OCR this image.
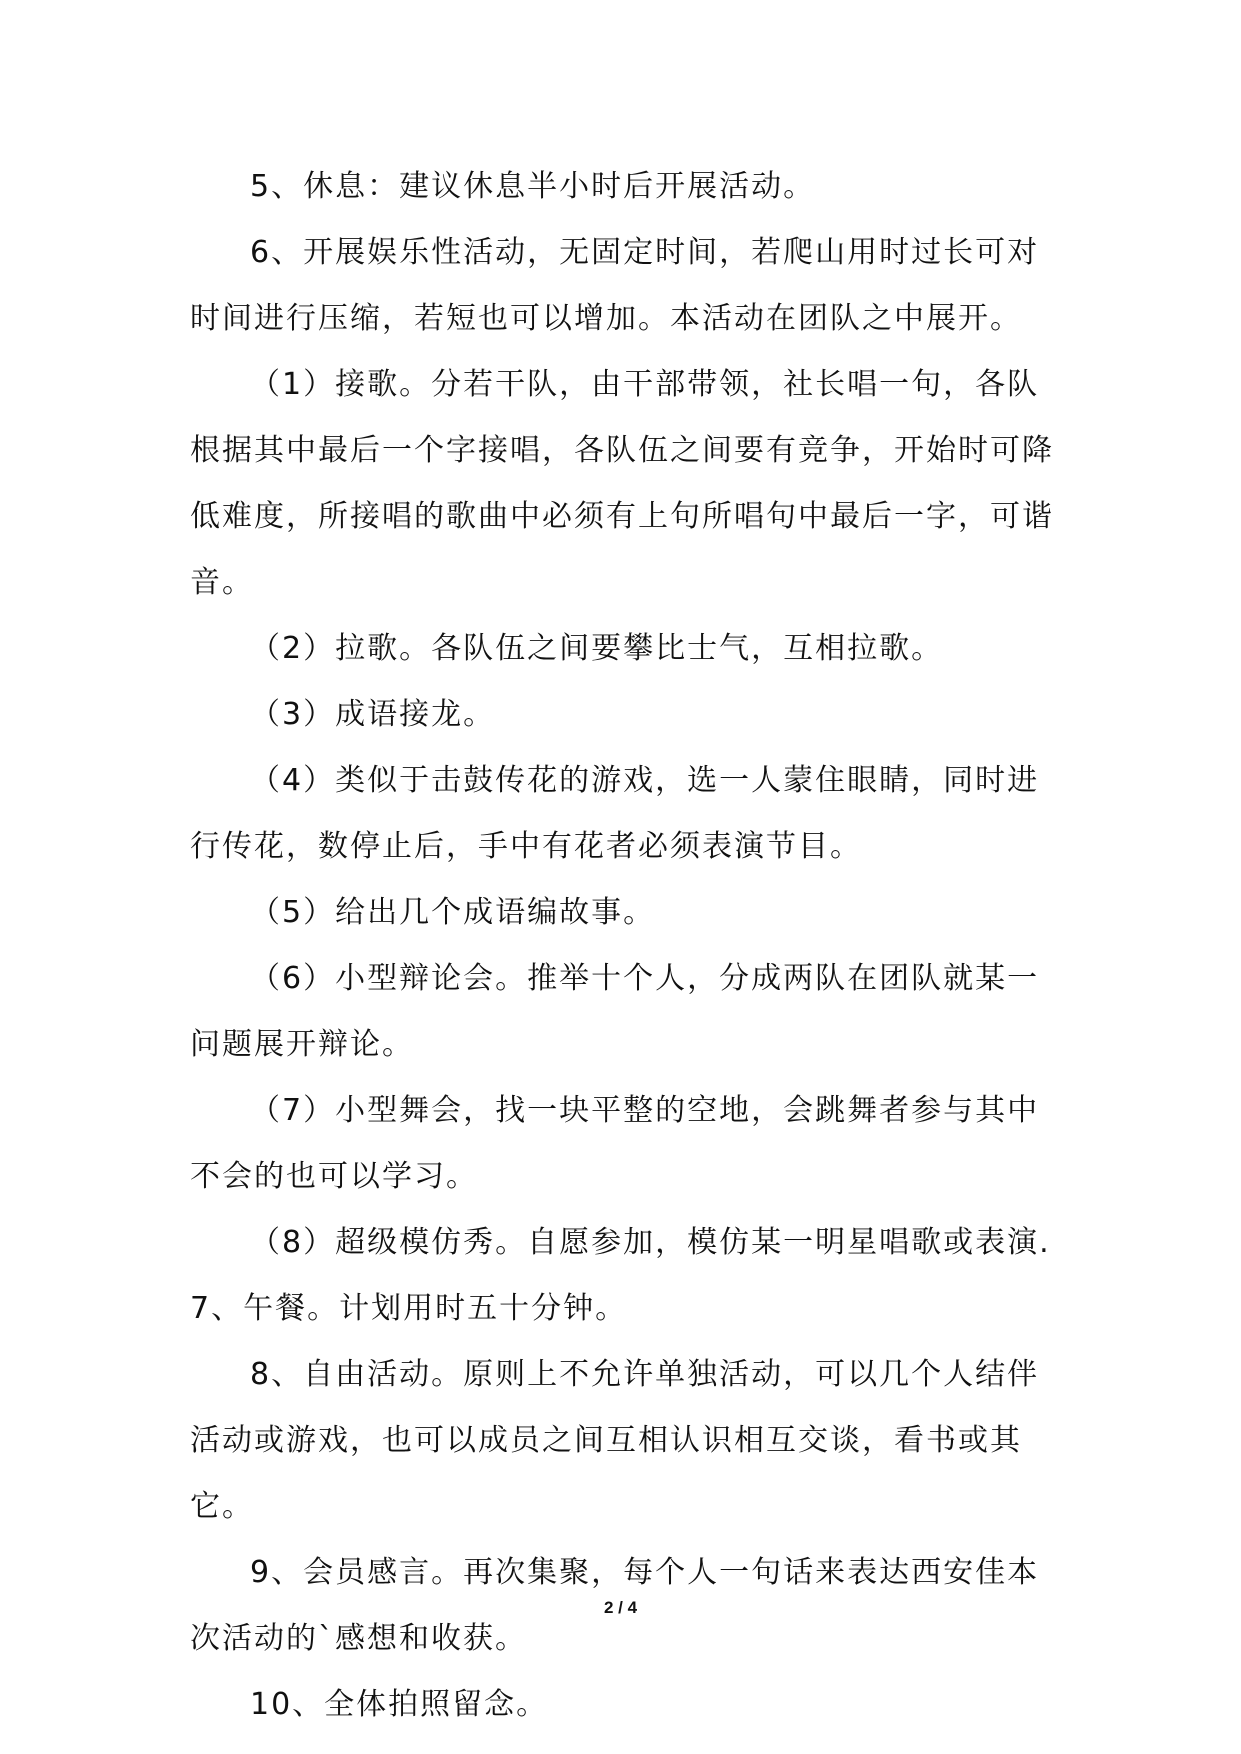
5、休息：建议休息半小时后开展活动。

6、开展娱乐性活动，无固定时间，若爬山用时过长可对时间进行压缩，若短也可以增加。本活动在团队之中展开。

（1）接歌。分若干队，由干部带领，社长唱一句，各队根据其中最后一个字接唱，各队伍之间要有竞争，开始时可降低难度，所接唱的歌曲中必须有上句所唱句中最后一字，可谐音。

（2）拉歌。各队伍之间要攀比士气，互相拉歌。

（3）成语接龙。

（4）类似于击鼓传花的游戏，选一人蒙住眼睛，同时进行传花，数停止后，手中有花者必须表演节目。

（5）给出几个成语编故事。

（6）小型辩论会。推举十个人，分成两队在团队就某一问题展开辩论。

（7）小型舞会，找一块平整的空地，会跳舞者参与其中不会的也可以学习。

（8）超级模仿秀。自愿参加，模仿某一明星唱歌或表演.7、午餐。计划用时五十分钟。

8、自由活动。原则上不允许单独活动，可以几个人结伴活动或游戏，也可以成员之间互相认识相互交谈，看书或其它。

9、会员感言。再次集聚，每个人一句话来表达西安佳本次活动的`感想和收获。

10、全体拍照留念。

2 / 4
